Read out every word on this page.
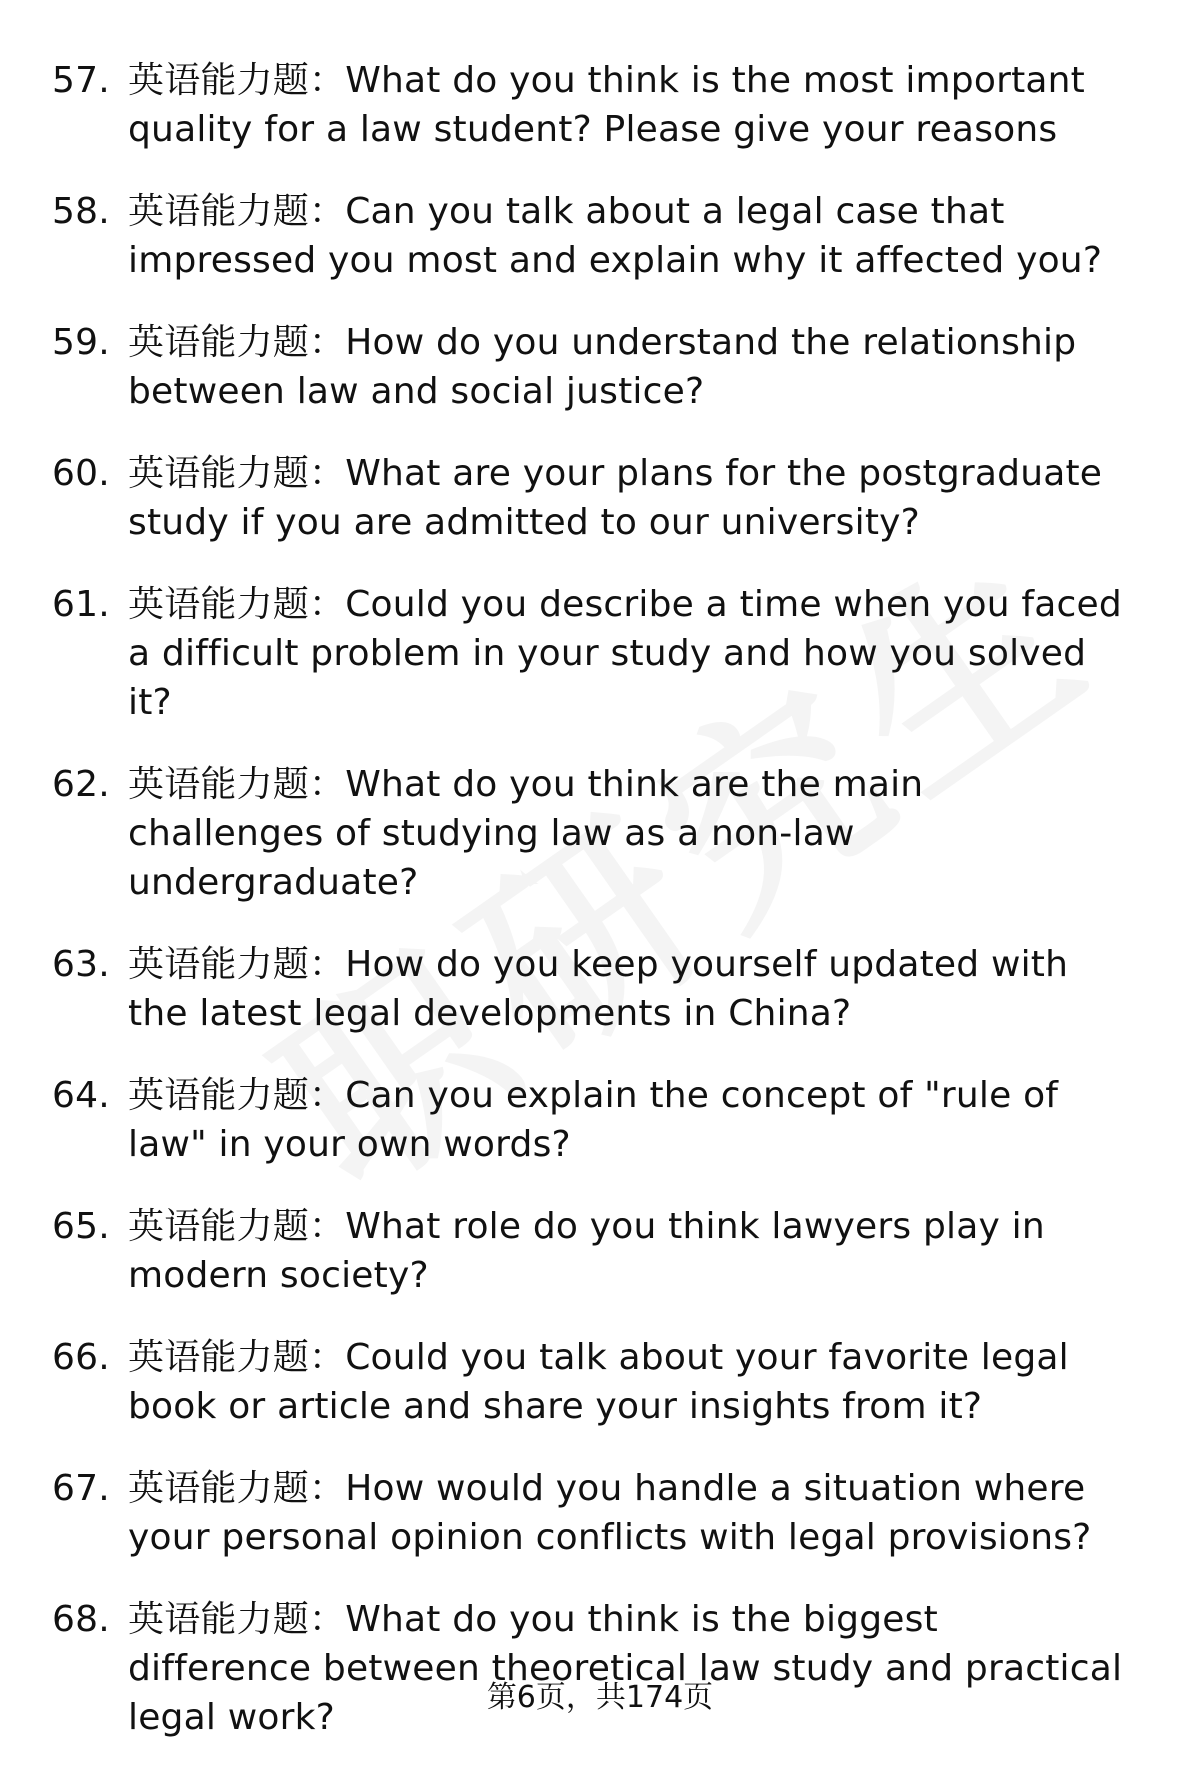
57. 英语能力题：What do you think is the most important quality for a law student? Please give your reasons
58. 英语能力题：Can you talk about a legal case that impressed you most and explain why it affected you?
59. 英语能力题：How do you understand the relationship between law and social justice?
60. 英语能力题：What are your plans for the postgraduate study if you are admitted to our university?
61. 英语能力题：Could you describe a time when you faced a difficult problem in your study and how you solved it?
62. 英语能力题：What do you think are the main challenges of studying law as a non-law undergraduate?
63. 英语能力题：How do you keep yourself updated with the latest legal developments in China?
64. 英语能力题：Can you explain the concept of "rule of law" in your own words?
65. 英语能力题：What role do you think lawyers play in modern society?
66. 英语能力题：Could you talk about your favorite legal book or article and share your insights from it?
67. 英语能力题：How would you handle a situation where your personal opinion conflicts with legal provisions?
68. 英语能力题：What do you think is the biggest difference between theoretical law study and practical legal work?	第6页，共174页
